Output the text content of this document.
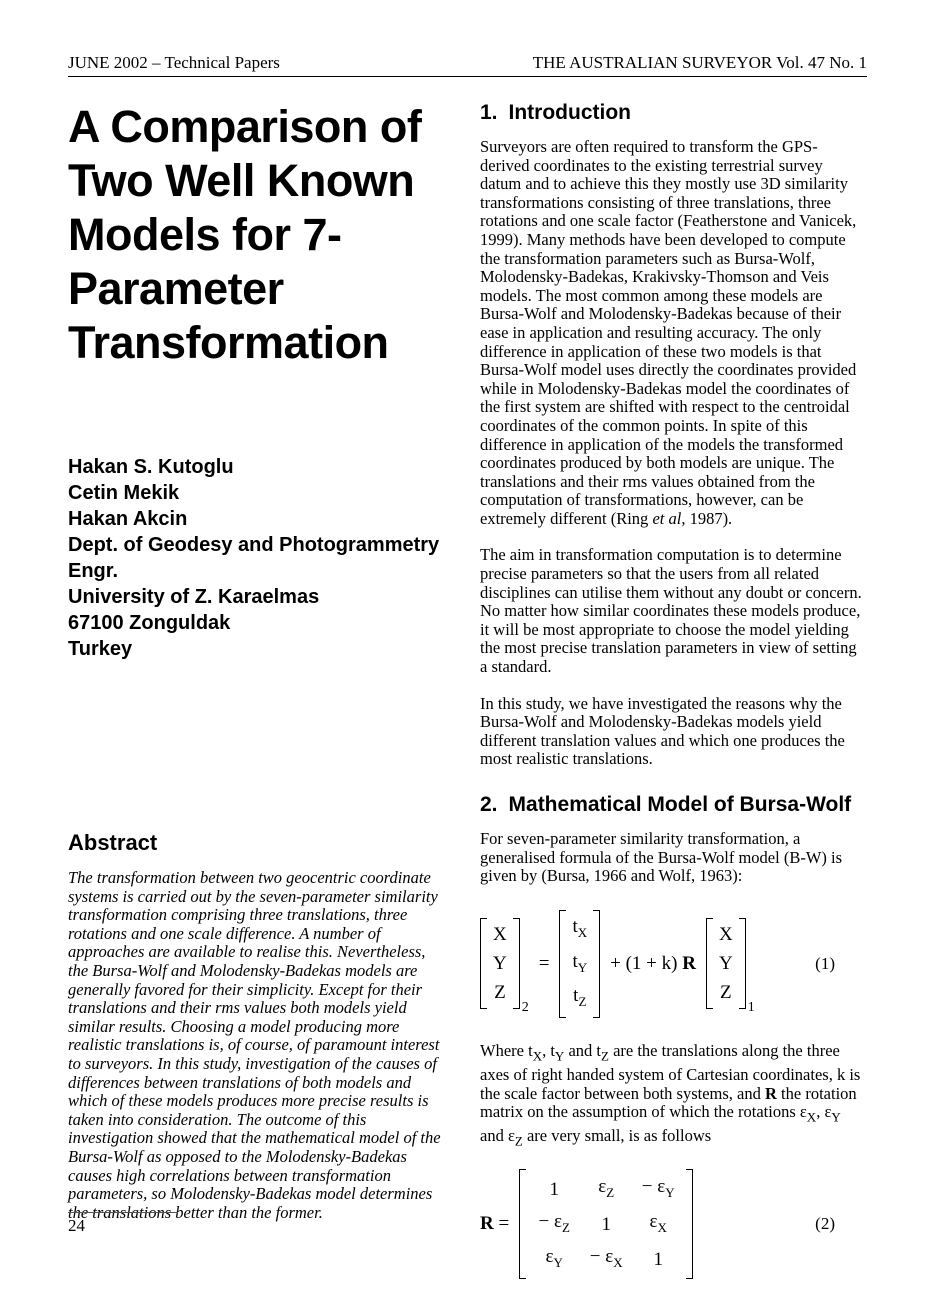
JUNE 2002 – Technical Papers	THE AUSTRALIAN SURVEYOR Vol. 47 No. 1
A Comparison of
Two Well Known
Models for 7-
Parameter
Transformation
Hakan S. Kutoglu
Cetin Mekik
Hakan Akcin
Dept. of Geodesy and Photogrammetry
Engr.
University of Z. Karaelmas
67100 Zonguldak
Turkey
Abstract

The transformation between two geocentric coordinate systems is carried out by the seven-parameter similarity transformation comprising three translations, three rotations and one scale difference. A number of approaches are available to realise this. Nevertheless, the Bursa-Wolf and Molodensky-Badekas models are generally favored for their simplicity. Except for their translations and their rms values both models yield similar results. Choosing a model producing more realistic translations is, of course, of paramount interest to surveyors. In this study, investigation of the causes of differences between translations of both models and which of these models produces more precise results is taken into consideration. The outcome of this investigation showed that the mathematical model of the Bursa-Wolf as opposed to the Molodensky-Badekas causes high correlations between transformation parameters, so Molodensky-Badekas model determines the translations better than the former.

1. Introduction

Surveyors are often required to transform the GPS-derived coordinates to the existing terrestrial survey datum and to achieve this they mostly use 3D similarity transformations consisting of three translations, three rotations and one scale factor (Featherstone and Vanicek, 1999). Many methods have been developed to compute the transformation parameters such as Bursa-Wolf, Molodensky-Badekas, Krakivsky-Thomson and Veis models. The most common among these models are Bursa-Wolf and Molodensky-Badekas because of their ease in application and resulting accuracy. The only difference in application of these two models is that Bursa-Wolf model uses directly the coordinates provided while in Molodensky-Badekas model the coordinates of the first system are shifted with respect to the centroidal coordinates of the common points. In spite of this difference in application of the models the transformed coordinates produced by both models are unique. The translations and their rms values obtained from the computation of transformations, however, can be extremely different (Ring et al, 1987).

The aim in transformation computation is to determine precise parameters so that the users from all related disciplines can utilise them without any doubt or concern. No matter how similar coordinates these models produce, it will be most appropriate to choose the model yielding the most precise translation parameters in view of setting a standard.

In this study, we have investigated the reasons why the Bursa-Wolf and Molodensky-Badekas models yield different translation values and which one produces the most realistic translations.

2. Mathematical Model of Bursa-Wolf

For seven-parameter similarity transformation, a generalised formula of the Bursa-Wolf model (B-W) is given by (Bursa, 1966 and Wolf, 1963):

X
Y
Z
2
=
$t_X$
$t_Y$
$t_Z$
+ (1 + k) R
X
Y
Z
1
(1)

Where $t_X$, $t_Y$ and $t_Z$ are the translations along the three axes of right handed system of Cartesian coordinates, k is the scale factor between both systems, and R the rotation matrix on the assumption of which the rotations $\varepsilon_X$, $\varepsilon_Y$ and $\varepsilon_Z$ are very small, is as follows

R =
1	$\varepsilon_Z$	− $\varepsilon_Y$
− $\varepsilon_Z$	1	$\varepsilon_X$
$\varepsilon_Y$	− $\varepsilon_X$	1
(2)
24
